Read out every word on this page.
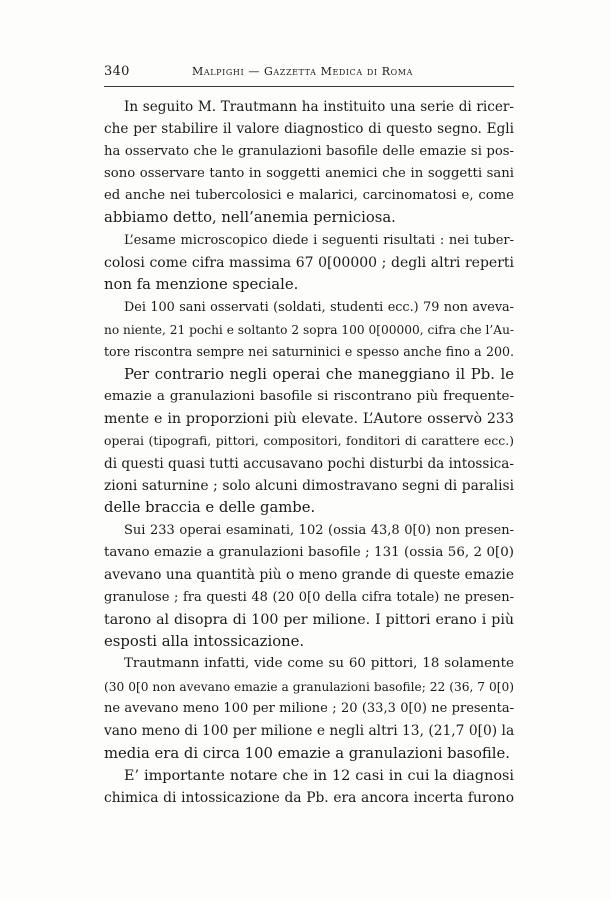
340	Malpighi — Gazzetta Medica di Roma
In seguito M. Trautmann ha instituito una serie di ricer-
che per stabilire il valore diagnostico di questo segno. Egli
ha osservato che le granulazioni basofile delle emazie si pos-
sono osservare tanto in soggetti anemici che in soggetti sani
ed anche nei tubercolosici e malarici, carcinomatosi e, come
abbiamo detto, nell’anemia perniciosa.
L’esame microscopico diede i seguenti risultati : nei tuber-
colosi come cifra massima 67 0[00000 ; degli altri reperti
non fa menzione speciale.
Dei 100 sani osservati (soldati, studenti ecc.) 79 non aveva-
no niente, 21 pochi e soltanto 2 sopra 100 0[00000, cifra che l’Au-
tore riscontra sempre nei saturninici e spesso anche fino a 200.
Per contrario negli operai che maneggiano il Pb. le
emazie a granulazioni basofile si riscontrano più frequente-
mente e in proporzioni più elevate. L’Autore osservò 233
operai (tipografi, pittori, compositori, fonditori di carattere ecc.)
di questi quasi tutti accusavano pochi disturbi da intossica-
zioni saturnine ; solo alcuni dimostravano segni di paralisi
delle braccia e delle gambe.
Sui 233 operai esaminati, 102 (ossia 43,8 0[0) non presen-
tavano emazie a granulazioni basofile ; 131 (ossia 56, 2 0[0)
avevano una quantità più o meno grande di queste emazie
granulose ; fra questi 48 (20 0[0 della cifra totale) ne presen-
tarono al disopra di 100 per milione. I pittori erano i più
esposti alla intossicazione.
Trautmann infatti, vide come su 60 pittori, 18 solamente
(30 0[0 non avevano emazie a granulazioni basofile; 22 (36, 7 0[0)
ne avevano meno 100 per milione ; 20 (33,3 0[0) ne presenta-
vano meno di 100 per milione e negli altri 13, (21,7 0[0) la
media era di circa 100 emazie a granulazioni basofile.
E’ importante notare che in 12 casi in cui la diagnosi
chimica di intossicazione da Pb. era ancora incerta furono
